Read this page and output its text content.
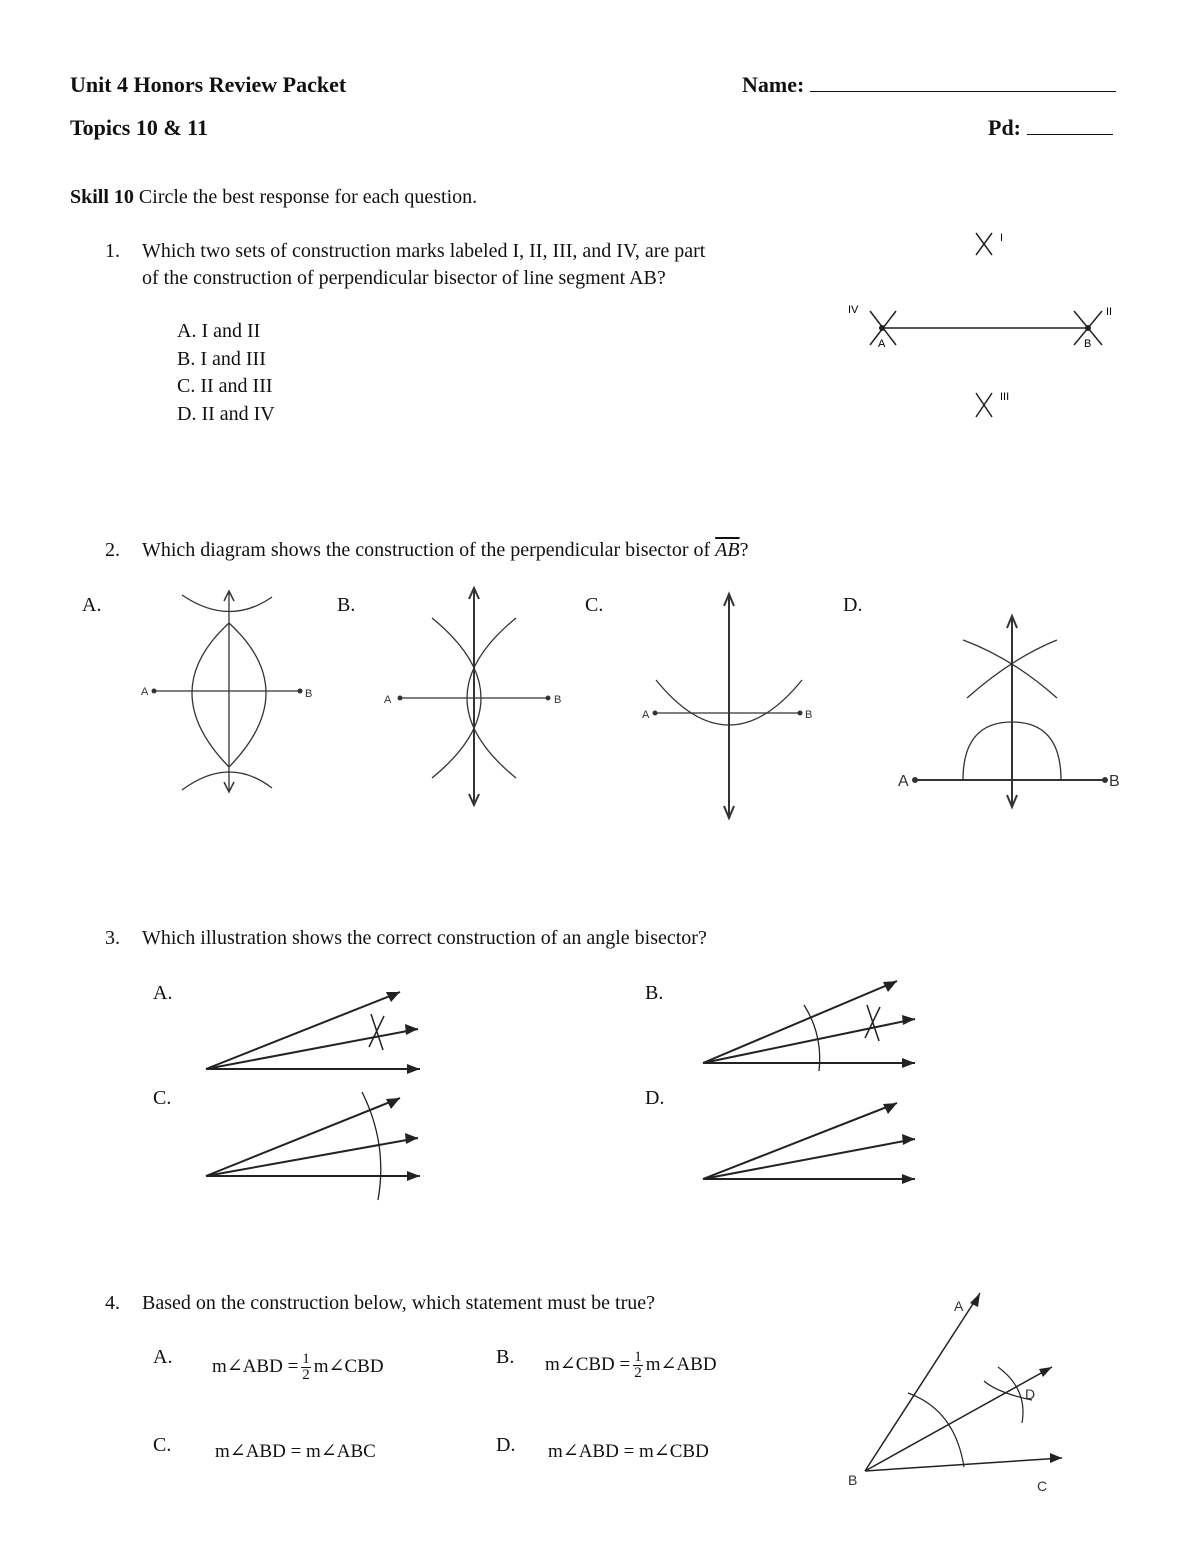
Unit 4 Honors Review Packet	Name:
Topics 10 & 11	Pd:
Skill 10 Circle the best response for each question.
1. Which two sets of construction marks labeled I, II, III, and IV, are part
of the construction of perpendicular bisector of line segment AB?
A. I and II
B. I and III
C. II and III
D. II and IV
I
II
III
IV
A	B
2. Which diagram shows the construction of the perpendicular bisector of $\overline{AB}$?
A.	B.	C.	D.
A	B	A	B
A	B
A	B
3. Which illustration shows the correct construction of an angle bisector?
A.	B.
C.	D.
4. Based on the construction below, which statement must be true?
A. m∠ABD = $\frac{1}{2}$ m∠CBD	B. m∠CBD = $\frac{1}{2}$ m∠ABD
C. m∠ABD = m∠ABC	D. m∠ABD = m∠CBD
A
B	C
D
